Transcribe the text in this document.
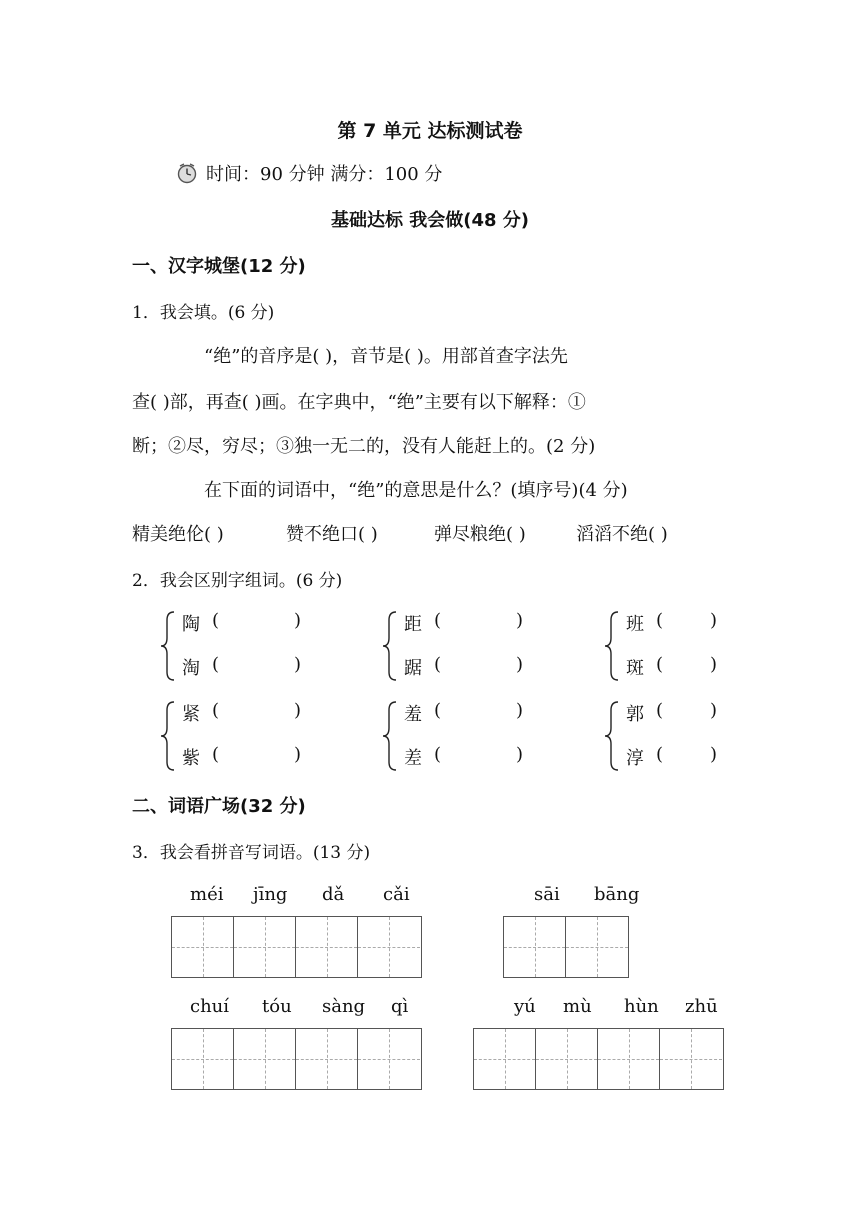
第 7 单元 达标测试卷
时间：90 分钟 满分：100 分
基础达标 我会做(48 分)
一、汉字城堡(12 分)
1．我会填。(6 分)
“绝”的音序是( )，音节是( )。用部首查字法先
查( )部，再查( )画。在字典中，“绝”主要有以下解释：①
断；②尽，穷尽；③独一无二的，没有人能赶上的。(2 分)
在下面的词语中，“绝”的意思是什么？(填序号)(4 分)
精美绝伦( )	赞不绝口( )	弹尽粮绝( )	滔滔不绝( )
2．我会区别字组词。(6 分)
陶 (	)
淘 (	)
距 (	)
踞 (	)
班 (	)
斑 (	)
紧 (	)
紫 (	)
羞 (	)
差 (	)
郭 (	)
淳 (	)
二、词语广场(32 分)
3．我会看拼音写词语。(13 分)
méi jīng dǎ cǎi	sāi bāng
chuí tóu sàng qì	yú mù hùn zhū
